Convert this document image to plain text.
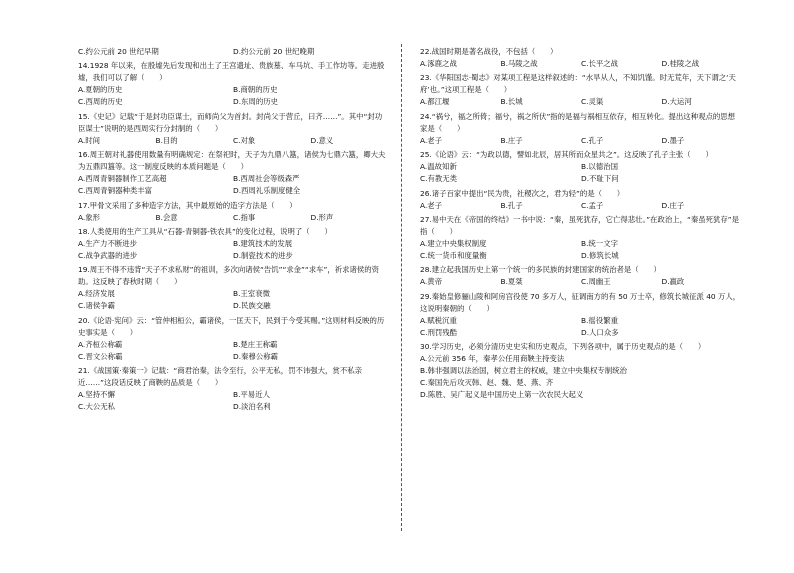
C.约公元前 20 世纪早期	D.约公元前 20 世纪晚期

14.1928 年以来，在殷墟先后发现和出土了王宫遗址、贵族墓、车马坑、手工作坊等。走进殷墟，我们可以了解（　　）

A.夏朝的历史	B.商朝的历史
C.西周的历史	D.东周的历史

15.《史记》记载“于是封功臣谋士，而师尚父为首封。封尚父于营丘，曰齐……”。其中“封功臣谋士”说明的是西周实行分封制的（　　）

A.时间	B.目的	C.对象	D.意义

16.周王朝对礼器使用数量有明确规定：在祭祀时，天子为九鼎八簋，诸侯为七鼎六簋，卿大夫为五鼎四簋等。这一制度反映的本质问题是（　　）

A.西周青铜器制作工艺高超	B.西周社会等级森严
C.西周青铜器种类丰富	D.西周礼乐制度健全

17.甲骨文采用了多种造字方法，其中最原始的造字方法是（　　）

A.象形	B.会意	C.指事	D.形声

18.人类使用的生产工具从“石器-青铜器-铁农具”的变化过程，说明了（　　）

A.生产力不断进步	B.建筑技术的发展
C.战争武器的进步	D.制瓷技术的进步

19.周王不得不违背“天子不求私财”的祖训，多次向诸侯“告饥”“求金”“求车”，祈求诸侯的资助。这反映了春秋时期（　　）

A.经济发展	B.王室衰微
C.诸侯争霸	D.民族交融

20.《论语·宪问》云：“管仲相桓公，霸诸侯，一匡天下，民到于今受其赐。”这则材料反映的历史事实是（　　）

A.齐桓公称霸	B.楚庄王称霸
C.晋文公称霸	D.秦穆公称霸

21.《战国策·秦策一》记载：“商君治秦，法令至行，公平无私，罚不讳强大，赏不私亲近……”这段话反映了商鞅的品质是（　　）

A.坚持不懈	B.平易近人
C.大公无私	D.淡泊名利

22.战国时期是著名战役，不包括（　　）

A.涿鹿之战	B.马陵之战	C.长平之战	D.桂陵之战

23.《华阳国志·蜀志》对某项工程是这样叙述的：“水旱从人，不知饥馑。时无荒年，天下谓之‘天府’也。”这项工程是（　　）

A.都江堰	B.长城	C.灵渠	D.大运河

24.“祸兮，福之所倚；福兮，祸之所伏”指的是福与祸相互依存，相互转化。提出这种观点的思想家是（　　）

A.老子	B.庄子	C.孔子	D.墨子

25.《论语》云：“为政以德，譬如北辰，居其所而众星共之”。这反映了孔子主张（　　）

A.温故知新	B.以德治国
C.有教无类	D.不耻下问

26.诸子百家中提出“民为贵，社稷次之，君为轻”的是（　　）

A.老子	B.孔子	C.孟子	D.庄子

27.易中天在《帝国的终结》一书中说：“秦，虽死犹存，它亡得悲壮。”在政治上，“秦虽死犹存”是指（　　）

A.建立中央集权制度	B.统一文字
C.统一货币和度量衡	D.修筑长城

28.建立起我国历史上第一个统一的多民族的封建国家的统治者是（　　）

A.黄帝	B.夏桀	C.周幽王	D.嬴政

29.秦始皇修骊山陵和阿房宫役使 70 多万人，征调南方的有 50 万士卒，修筑长城征派 40 万人，这说明秦朝的（　　）

A.赋税沉重	B.徭役繁重
C.刑罚残酷	D.人口众多

30.学习历史，必须分清历史史实和历史观点，下列各项中，属于历史观点的是（　　）

A.公元前 356 年，秦孝公任用商鞅主持变法
B.韩非强调以法治国，树立君主的权威，建立中央集权专制统治
C.秦国先后攻灭韩、赵、魏、楚、燕、齐
D.陈胜、吴广起义是中国历史上第一次农民大起义
